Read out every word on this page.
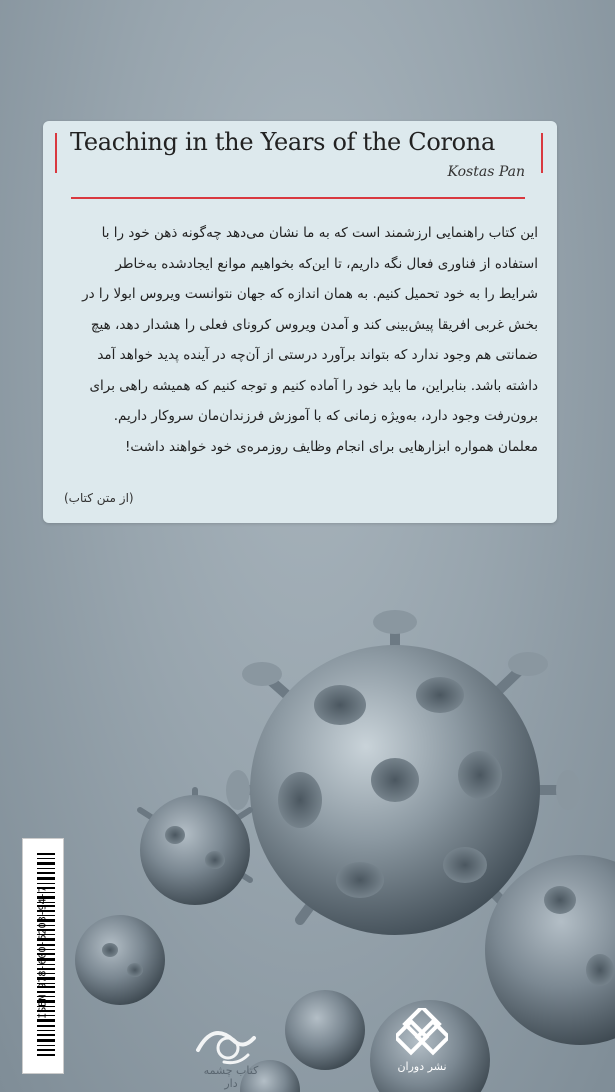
Teaching in the Years of the Corona
Kostas Pan

این کتاب راهنمایی ارزشمند است که به ما نشان می‌دهد چه‌گونه ذهن خود را با

استفاده از فناوری فعال نگه داریم، تا این‌که بخواهیم موانع ایجادشده به‌خاطر

شرایط را به خود تحمیل کنیم. به همان اندازه که جهان نتوانست ویروس ابولا را در

بخش غربی افریقا پیش‌بینی کند و آمدن ویروس کرونای فعلی را هشدار دهد، هیچ

ضمانتی هم وجود ندارد که بتواند برآورد درستی از آن‌چه در آینده پدید خواهد آمد

داشته باشد. بنابراین، ما باید خود را آماده کنیم و توجه کنیم که همیشه راهی برای

برون‌رفت وجود دارد، به‌ویژه زمانی که با آموزش فرزندان‌مان سروکار داریم.

معلمان همواره ابزارهایی برای انجام وظایف روزمره‌ی خود خواهند داشت!

(از متن کتاب)
ISBN:978-600-6208-94-7
کتاب چشمه دار
نشر دوران
